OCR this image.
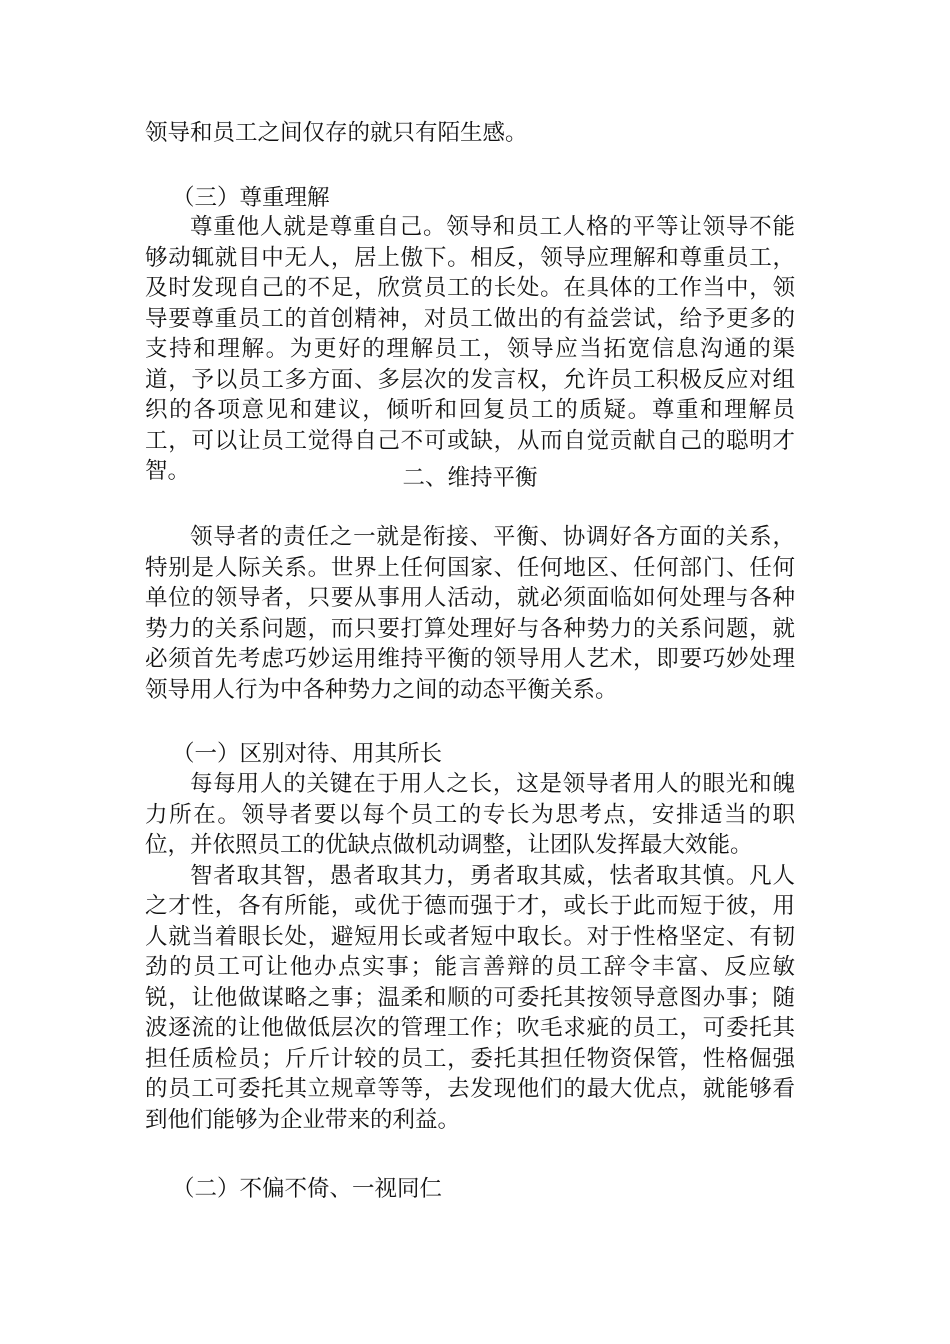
领导和员工之间仅存的就只有陌生感。

（三）尊重理解

尊重他人就是尊重自己。领导和员工人格的平等让领导不能够动辄就目中无人，居上傲下。相反，领导应理解和尊重员工，及时发现自己的不足，欣赏员工的长处。在具体的工作当中，领导要尊重员工的首创精神，对员工做出的有益尝试，给予更多的支持和理解。为更好的理解员工，领导应当拓宽信息沟通的渠道，予以员工多方面、多层次的发言权，允许员工积极反应对组织的各项意见和建议，倾听和回复员工的质疑。尊重和理解员工，可以让员工觉得自己不可或缺，从而自觉贡献自己的聪明才智。	二、维持平衡

领导者的责任之一就是衔接、平衡、协调好各方面的关系，特别是人际关系。世界上任何国家、任何地区、任何部门、任何单位的领导者，只要从事用人活动，就必须面临如何处理与各种势力的关系问题，而只要打算处理好与各种势力的关系问题，就必须首先考虑巧妙运用维持平衡的领导用人艺术，即要巧妙处理领导用人行为中各种势力之间的动态平衡关系。

（一）区别对待、用其所长

每每用人的关键在于用人之长，这是领导者用人的眼光和魄力所在。领导者要以每个员工的专长为思考点，安排适当的职位，并依照员工的优缺点做机动调整，让团队发挥最大效能。

智者取其智，愚者取其力，勇者取其威，怯者取其慎。凡人之才性，各有所能，或优于德而强于才，或长于此而短于彼，用人就当着眼长处，避短用长或者短中取长。对于性格坚定、有韧劲的员工可让他办点实事；能言善辩的员工辞令丰富、反应敏锐，让他做谋略之事；温柔和顺的可委托其按领导意图办事；随波逐流的让他做低层次的管理工作；吹毛求疵的员工，可委托其担任质检员；斤斤计较的员工，委托其担任物资保管，性格倔强的员工可委托其立规章等等，去发现他们的最大优点，就能够看到他们能够为企业带来的利益。

（二）不偏不倚、一视同仁
